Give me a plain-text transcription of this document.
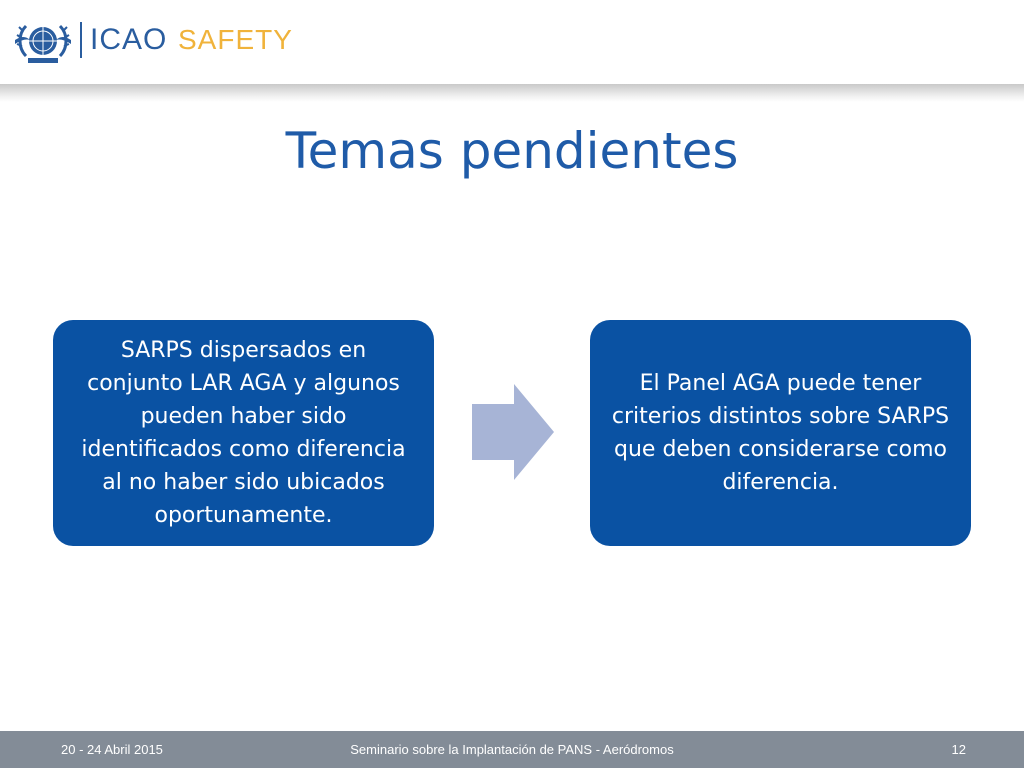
ICAO SAFETY
Temas pendientes
SARPS dispersados en conjunto LAR AGA y algunos pueden haber sido identificados como diferencia al no haber sido ubicados oportunamente.
El Panel AGA puede tener criterios distintos sobre SARPS que deben considerarse como diferencia.
20 - 24 Abril 2015	Seminario sobre la Implantación de PANS - Aeródromos	12
